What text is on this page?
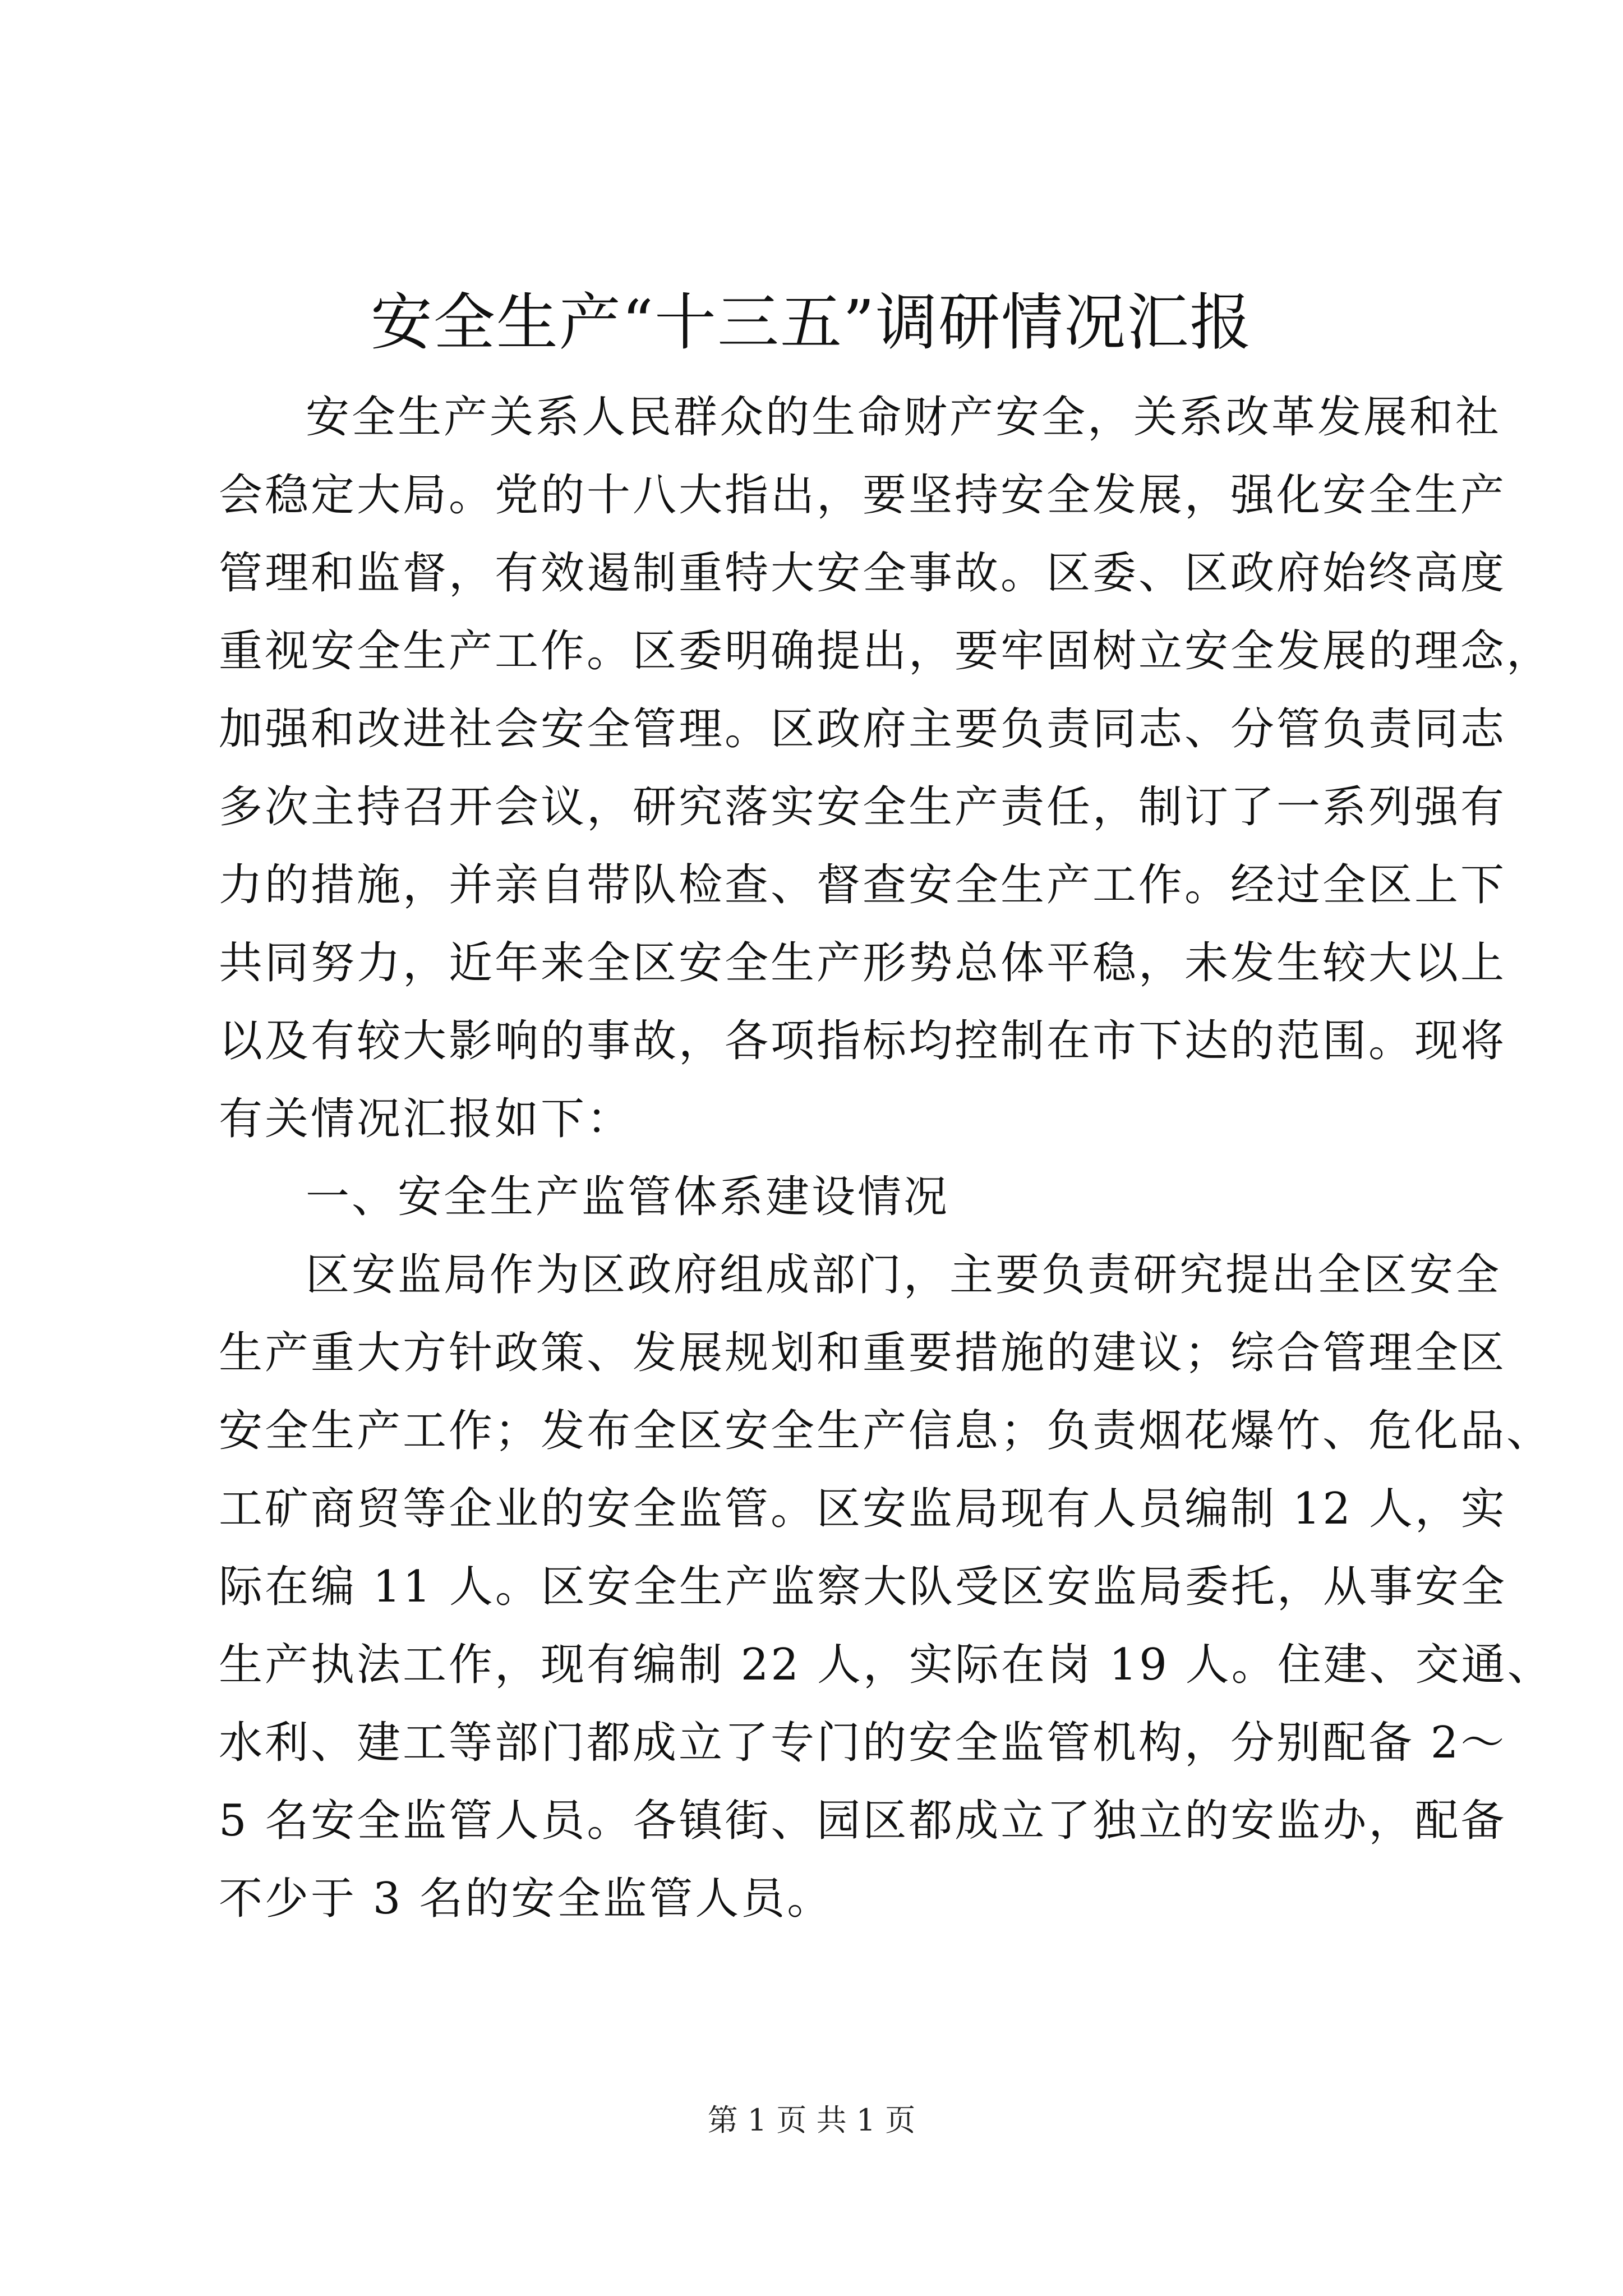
安全生产“十三五”调研情况汇报
安全生产关系人民群众的生命财产安全，关系改革发展和社
会稳定大局。党的十八大指出，要坚持安全发展，强化安全生产
管理和监督，有效遏制重特大安全事故。区委、区政府始终高度
重视安全生产工作。区委明确提出，要牢固树立安全发展的理念，
加强和改进社会安全管理。区政府主要负责同志、分管负责同志
多次主持召开会议，研究落实安全生产责任，制订了一系列强有
力的措施，并亲自带队检查、督查安全生产工作。经过全区上下
共同努力，近年来全区安全生产形势总体平稳，未发生较大以上
以及有较大影响的事故，各项指标均控制在市下达的范围。现将
有关情况汇报如下：
一、安全生产监管体系建设情况
区安监局作为区政府组成部门，主要负责研究提出全区安全
生产重大方针政策、发展规划和重要措施的建议；综合管理全区
安全生产工作；发布全区安全生产信息；负责烟花爆竹、危化品、
工矿商贸等企业的安全监管。区安监局现有人员编制 12 人，实
际在编 11 人。区安全生产监察大队受区安监局委托，从事安全
生产执法工作，现有编制 22 人，实际在岗 19 人。住建、交通、
水利、建工等部门都成立了专门的安全监管机构，分别配备 2～
5 名安全监管人员。各镇街、园区都成立了独立的安监办，配备
不少于 3 名的安全监管人员。
第 1 页 共 1 页
